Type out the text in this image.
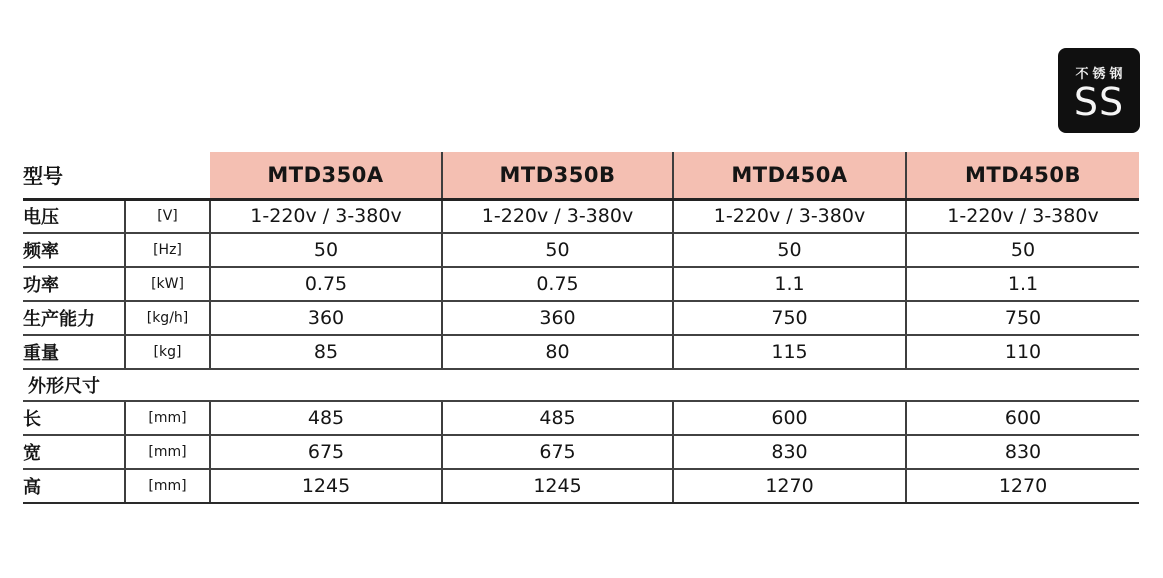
不锈钢
SS
型号		MTD350A	MTD350B	MTD450A	MTD450B
电压	[V]	1-220v / 3-380v	1-220v / 3-380v	1-220v / 3-380v	1-220v / 3-380v
频率	[Hz]	50	50	50	50
功率	[kW]	0.75	0.75	1.1	1.1
生产能力	[kg/h]	360	360	750	750
重量	[kg]	85	80	115	110
外形尺寸					
长	[mm]	485	485	600	600
宽	[mm]	675	675	830	830
高	[mm]	1245	1245	1270	1270
